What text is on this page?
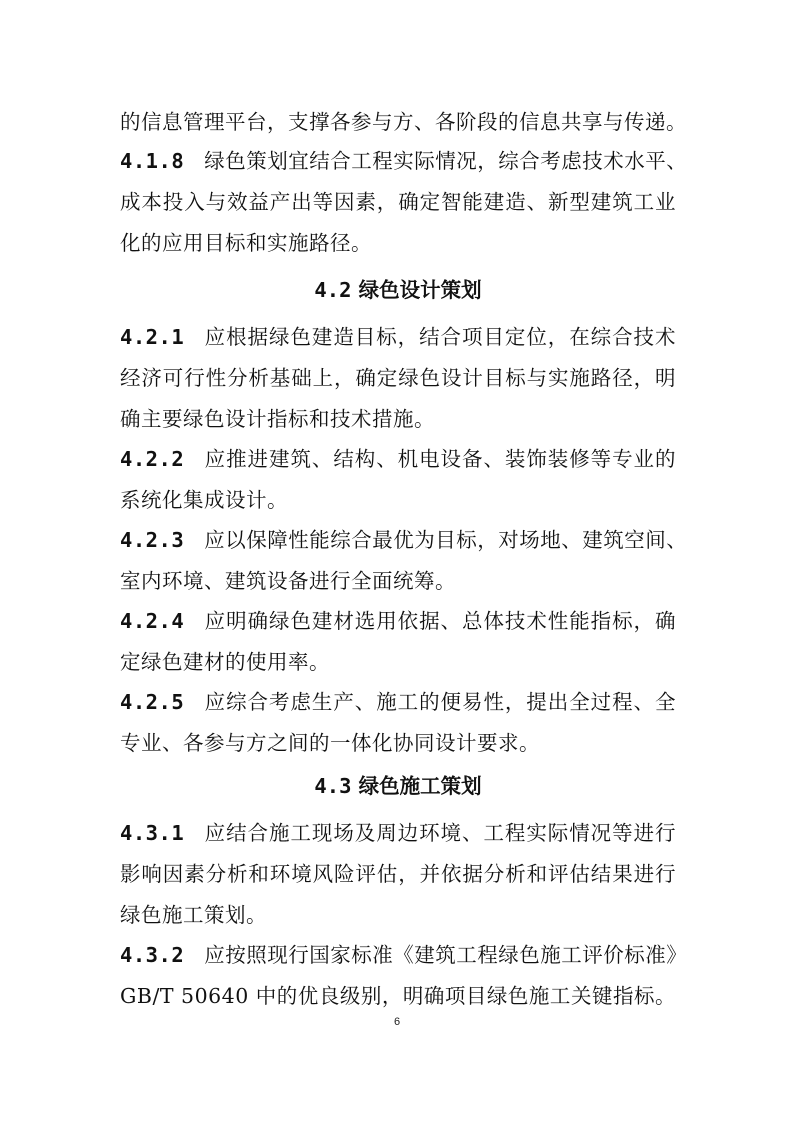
的信息管理平台，支撑各参与方、各阶段的信息共享与传递。
4.1.8 绿色策划宜结合工程实际情况，综合考虑技术水平、
成本投入与效益产出等因素，确定智能建造、新型建筑工业
化的应用目标和实施路径。
4.2 绿色设计策划
4.2.1 应根据绿色建造目标，结合项目定位，在综合技术
经济可行性分析基础上，确定绿色设计目标与实施路径，明
确主要绿色设计指标和技术措施。
4.2.2 应推进建筑、结构、机电设备、装饰装修等专业的
系统化集成设计。
4.2.3 应以保障性能综合最优为目标，对场地、建筑空间、
室内环境、建筑设备进行全面统筹。
4.2.4 应明确绿色建材选用依据、总体技术性能指标，确
定绿色建材的使用率。
4.2.5 应综合考虑生产、施工的便易性，提出全过程、全
专业、各参与方之间的一体化协同设计要求。
4.3 绿色施工策划
4.3.1 应结合施工现场及周边环境、工程实际情况等进行
影响因素分析和环境风险评估，并依据分析和评估结果进行
绿色施工策划。
4.3.2 应按照现行国家标准《建筑工程绿色施工评价标准》
GB/T 50640 中的优良级别，明确项目绿色施工关键指标。
6
